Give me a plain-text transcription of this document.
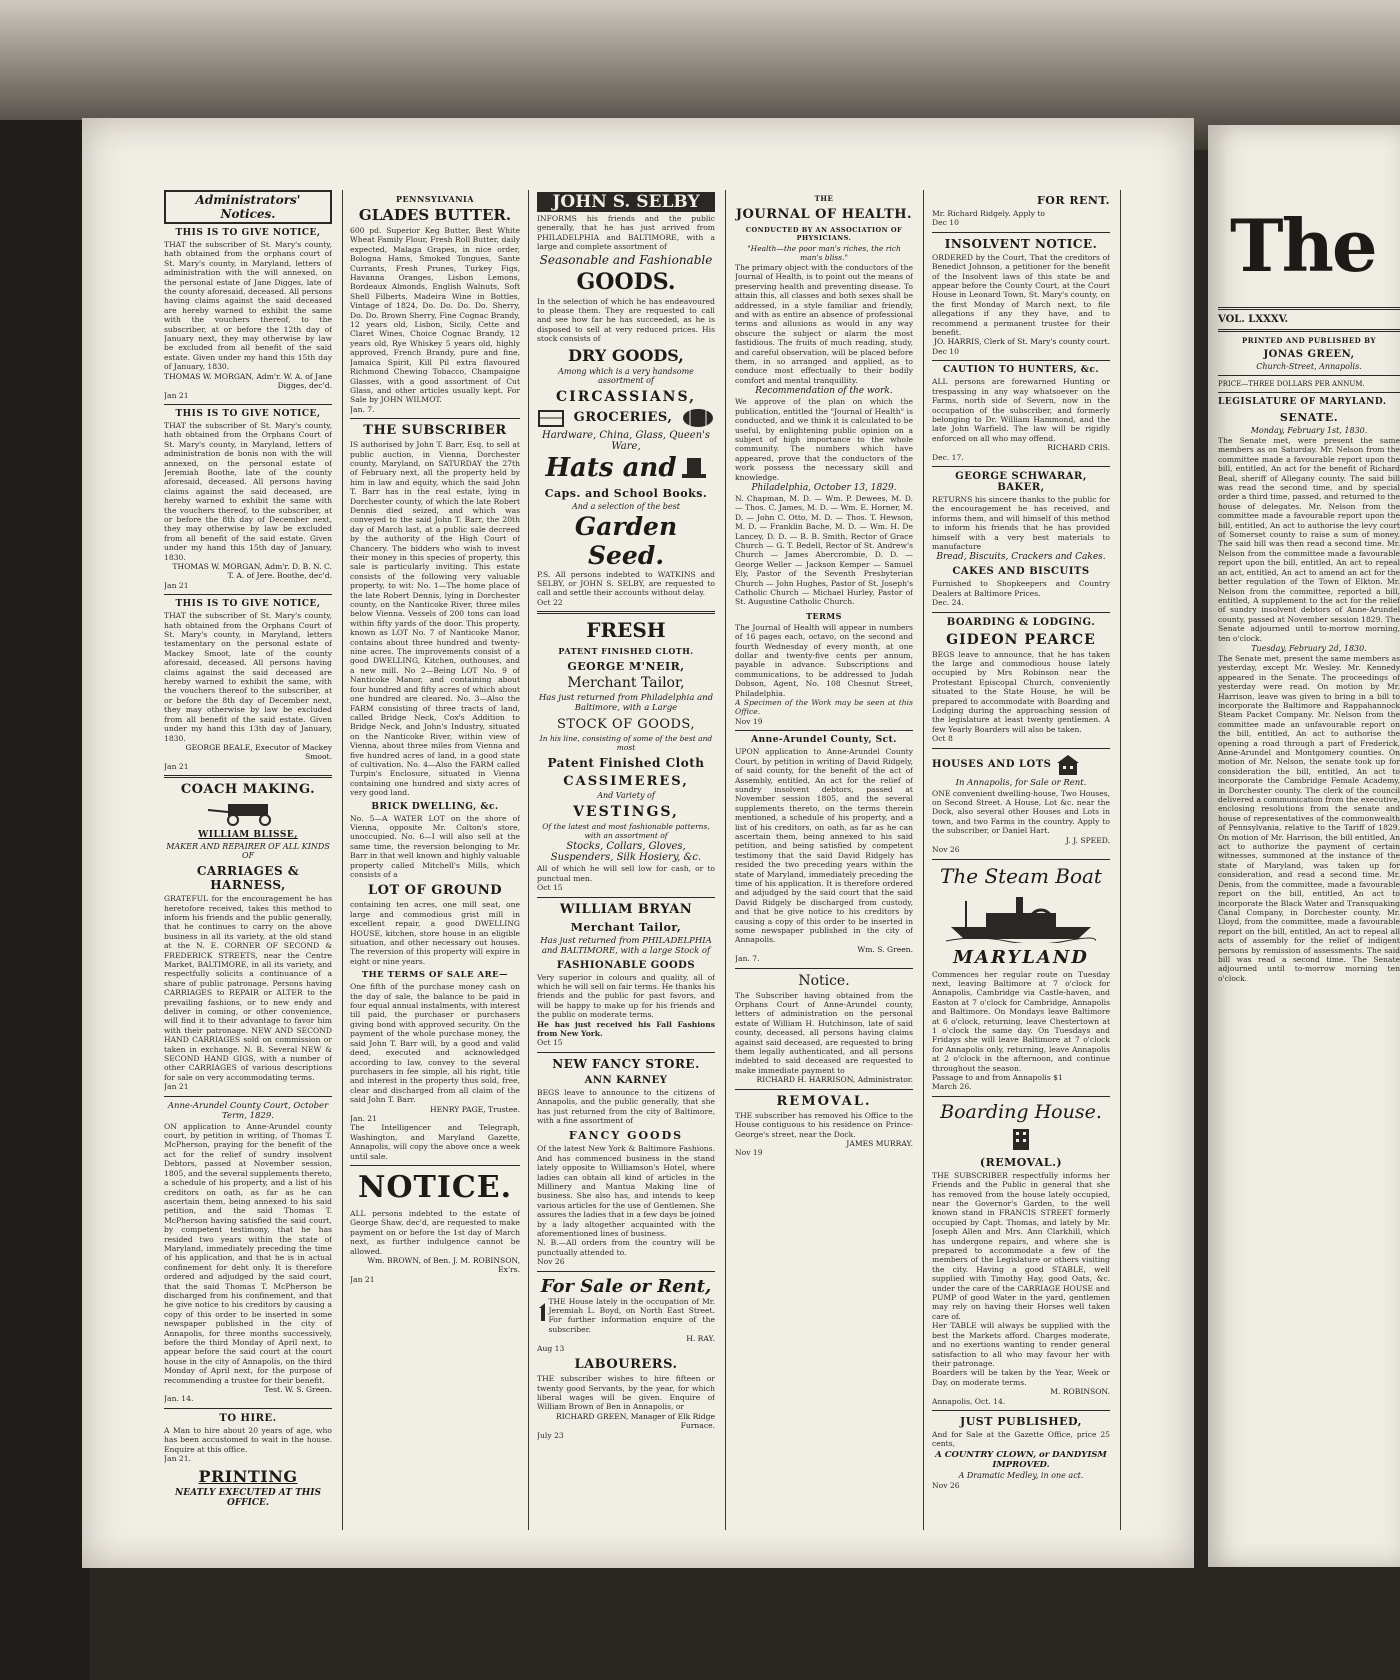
Administrators' Notices.
THIS IS TO GIVE NOTICE,

THAT the subscriber of St. Mary's county, hath obtained from the orphans court of St. Mary's county, in Maryland, letters of administration with the will annexed, on the personal estate of Jane Digges, late of the county aforesaid, deceased. All persons having claims against the said deceased are hereby warned to exhibit the same with the vouchers thereof, to the subscriber, at or before the 12th day of January next, they may otherwise by law be excluded from all benefit of the said estate. Given under my hand this 15th day of January, 1830.

THOMAS W. MORGAN, Adm'r. W. A. of Jane Digges, dec'd.

Jan 21

THIS IS TO GIVE NOTICE,

THAT the subscriber of St. Mary's county, hath obtained from the Orphans Court of St. Mary's county, in Maryland, letters of administration de bonis non with the will annexed, on the personal estate of Jeremiah Boothe, late of the county aforesaid, deceased. All persons having claims against the said deceased, are hereby warned to exhibit the same with the vouchers thereof, to the subscriber, at or before the 8th day of December next, they may otherwise by law be excluded from all benefit of the said estate. Given under my hand this 15th day of January, 1830.

THOMAS W. MORGAN, Adm'r. D. B. N. C. T. A. of Jere. Boothe, dec'd.

Jan 21

THIS IS TO GIVE NOTICE,

THAT the subscriber of St. Mary's county, hath obtained from the Orphans Court of St. Mary's county, in Maryland, letters testamentary on the personal estate of Mackey Smoot, late of the county aforesaid, deceased. All persons having claims against the said deceased are hereby warned to exhibit the same, with the vouchers thereof to the subscriber, at or before the 8th day of December next, they may otherwise by law be excluded from all benefit of the said estate. Given under my hand this 13th day of January, 1830.

GEORGE BEALE, Executor of Mackey Smoot.

Jan 21

COACH MAKING.
WILLIAM BLISSE,
MAKER AND REPAIRER OF ALL KINDS OF
CARRIAGES & HARNESS,

GRATEFUL for the encouragement he has heretofore received, takes this method to inform his friends and the public generally, that he continues to carry on the above business in all its variety, at the old stand at the N. E. CORNER OF SECOND & FREDERICK STREETS, near the Centre Market, BALTIMORE, in all its variety, and respectfully solicits a continuance of a share of public patronage. Persons having CARRIAGES to REPAIR or ALTER to the prevailing fashions, or to new endy and deliver in coming, or other convenience, will find it to their advantage to favor him with their patronage. NEW AND SECOND HAND CARRIAGES sold on commission or taken in exchange. N. B. Several NEW & SECOND HAND GIGS, with a number of other CARRIAGES of various descriptions for sale on very accommodating terms.

Jan 21

Anne-Arundel County Court, October Term, 1829.

ON application to Anne-Arundel county court, by petition in writing, of Thomas T. McPherson, praying for the benefit of the act for the relief of sundry insolvent Debtors, passed at November session, 1805, and the several supplements thereto, a schedule of his property, and a list of his creditors on oath, as far as he can ascertain them, being annexed to his said petition, and the said Thomas T. McPherson having satisfied the said court, by competent testimony, that he has resided two years within the state of Maryland, immediately preceding the time of his application, and that he is in actual confinement for debt only. It is therefore ordered and adjudged by the said court, that the said Thomas T. McPherson be discharged from his confinement, and that he give notice to his creditors by causing a copy of this order to be inserted in some newspaper published in the city of Annapolis, for three months successively, before the third Monday of April next, to appear before the said court at the court house in the city of Annapolis, on the third Monday of April next, for the purpose of recommending a trustee for their benefit.

Test. W. S. Green.

Jan. 14.

TO HIRE.

A Man to hire about 20 years of age, who has been accustomed to wait in the house. Enquire at this office.

Jan 21.

PRINTING
NEATLY EXECUTED AT THIS OFFICE.
PENNSYLVANIA
GLADES BUTTER.

600 pd. Superior Keg Butter, Best White Wheat Family Flour, Fresh Roll Butter, daily expected, Malaga Grapes, in nice order, Bologna Hams, Smoked Tongues, Sante Currants, Fresh Prunes, Turkey Figs, Havanna Oranges, Lisbon Lemons, Bordeaux Almonds, English Walnuts, Soft Shell Filberts, Madeira Wine in Bottles, Vintage of 1824, Do. Do. Do. Do. Sherry, Do. Do. Brown Sherry, Fine Cognac Brandy, 12 years old, Lisbon, Sicily, Cette and Claret Wines, Choice Cognac Brandy, 12 years old, Rye Whiskey 5 years old, highly approved, French Brandy, pure and fine, Jamaica Spirit, Kill Pil extra flavoured Richmond Chewing Tobacco, Champaigne Glasses, with a good assortment of Cut Glass, and other articles usually kept. For Sale by JOHN WILMOT.

Jan. 7.

THE SUBSCRIBER

IS authorised by John T. Barr, Esq. to sell at public auction, in Vienna, Dorchester county, Maryland, on SATURDAY the 27th of February next, all the property held by him in law and equity, which the said John T. Barr has in the real estate, lying in Dorchester county, of which the late Robert Dennis died seized, and which was conveyed to the said John T. Barr, the 20th day of March last, at a public sale decreed by the authority of the High Court of Chancery. The bidders who wish to invest their money in this species of property, this sale is particularly inviting. This estate consists of the following very valuable property, to wit: No. 1—The home place of the late Robert Dennis, lying in Dorchester county, on the Nanticoke River, three miles below Vienna. Vessels of 200 tons can load within fifty yards of the door. This property, known as LOT No. 7 of Nanticoke Manor, contains about three hundred and twenty-nine acres. The improvements consist of a good DWELLING, Kitchen, outhouses, and a new mill. No 2—Being LOT No. 9 of Nanticoke Manor, and containing about four hundred and fifty acres of which about one hundred are cleared. No. 3—Also the FARM consisting of three tracts of land, called Bridge Neck, Cox's Addition to Bridge Neck, and John's Industry, situated on the Nanticoke River, within view of Vienna, about three miles from Vienna and five hundred acres of land, in a good state of cultivation. No. 4—Also the FARM called Turpin's Enclosure, situated in Vienna containing one hundred and sixty acres of very good land.

BRICK DWELLING, &c.

No. 5—A WATER LOT on the shore of Vienna, opposite Mr. Colton's store, unoccupied. No. 6—I will also sell at the same time, the reversion belonging to Mr. Barr in that well known and highly valuable property called Mitchell's Mills, which consists of a

LOT OF GROUND

containing ten acres, one mill seat, one large and commodious grist mill in excellent repair, a good DWELLING HOUSE, kitchen, store house in an eligible situation, and other necessary out houses. The reversion of this property will expire in eight or nine years.

THE TERMS OF SALE ARE—

One fifth of the purchase money cash on the day of sale, the balance to be paid in four equal annual instalments, with interest till paid, the purchaser or purchasers giving bond with approved security. On the payment of the whole purchase money, the said John T. Barr will, by a good and valid deed, executed and acknowledged according to law, convey to the several purchasers in fee simple, all his right, title and interest in the property thus sold, free, clear and discharged from all claim of the said John T. Barr.

HENRY PAGE, Trustee.

Jan. 21

The Intelligencer and Telegraph, Washington, and Maryland Gazette, Annapolis, will copy the above once a week until sale.

NOTICE.

ALL persons indebted to the estate of George Shaw, dec'd, are requested to make payment on or before the 1st day of March next, as further indulgence cannot be allowed.

Wm. BROWN, of Ben. J. M. ROBINSON, Ex'rs.

Jan 21

JOHN S. SELBY

INFORMS his friends and the public generally, that he has just arrived from PHILADELPHIA and BALTIMORE, with a large and complete assortment of

Seasonable and Fashionable
GOODS.

In the selection of which he has endeavoured to please them. They are requested to call and see how far he has succeeded, as he is disposed to sell at very reduced prices. His stock consists of

DRY GOODS,
Among which is a very handsome assortment of
CIRCASSIANS,
GROCERIES,
Hardware, China, Glass, Queen's Ware,
Hats and
Caps. and School Books.
And a selection of the best
Garden Seed.

P.S. All persons indebted to WATKINS and SELBY, or JOHN S. SELBY, are requested to call and settle their accounts without delay.

Oct 22

FRESH
PATENT FINISHED CLOTH.
GEORGE M'NEIR,
Merchant Tailor,
Has just returned from Philadelphia and Baltimore, with a Large
STOCK OF GOODS,
In his line, consisting of some of the best and most
Patent Finished Cloth
CASSIMERES,
And Variety of
VESTINGS,
Of the latest and most fashionable patterns, with an assortment of
Stocks, Collars, Gloves, Suspenders, Silk Hosiery, &c.

All of which he will sell low for cash, or to punctual men.

Oct 15

WILLIAM BRYAN
Merchant Tailor,
Has just returned from PHILADELPHIA and BALTIMORE, with a large Stock of
FASHIONABLE GOODS

Very superior in colours and quality, all of which he will sell on fair terms. He thanks his friends and the public for past favors, and will be happy to make up for his friends and the public on moderate terms.

He has just received his Fall Fashions from New York.

Oct 15

NEW FANCY STORE.
ANN KARNEY

BEGS leave to announce to the citizens of Annapolis, and the public generally, that she has just returned from the city of Baltimore, with a fine assortment of

FANCY GOODS

Of the latest New York & Baltimore Fashions. And has commenced business in the stand lately opposite to Williamson's Hotel, where ladies can obtain all kind of articles in the Millinery and Mantua Making line of business. She also has, and intends to keep various articles for the use of Gentlemen. She assures the ladies that in a few days be joined by a lady altogether acquainted with the aforementioned lines of business.

N. B.—All orders from the country will be punctually attended to.

Nov 26

For Sale or Rent,

THE House lately in the occupation of Mr. Jeremiah L. Boyd, on North East Street. For further information enquire of the subscriber.

H. RAY.

Aug 13

LABOURERS.

THE subscriber wishes to hire fifteen or twenty good Servants, by the year, for which liberal wages will be given. Enquire of William Brown of Ben in Annapolis, or

RICHARD GREEN, Manager of Elk Ridge Furnace.

July 23

THE
JOURNAL OF HEALTH.
CONDUCTED BY AN ASSOCIATION OF PHYSICIANS.
"Health—the poor man's riches, the rich man's bliss."

The primary object with the conductors of the Journal of Health, is to point out the means of preserving health and preventing disease. To attain this, all classes and both sexes shall be addressed, in a style familiar and friendly, and with as entire an absence of professional terms and allusions as would in any way obscure the subject or alarm the most fastidious. The fruits of much reading, study, and careful observation, will be placed before them, in so arranged and applied, as to conduce most effectually to their bodily comfort and mental tranquillity.

Recommendation of the work.

We approve of the plan on which the publication, entitled the "Journal of Health" is conducted, and we think it is calculated to be useful, by enlightening public opinion on a subject of high importance to the whole community. The numbers which have appeared, prove that the conductors of the work possess the necessary skill and knowledge.

Philadelphia, October 13, 1829.

N. Chapman, M. D. — Wm. P. Dewees, M. D. — Thos. C. James, M. D. — Wm. E. Horner, M. D. — John C. Otto, M. D. — Thos. T. Hewson, M. D. — Franklin Bache, M. D. — Wm. H. De Lancey, D. D. — B. B. Smith, Rector of Grace Church — G. T. Bedell, Rector of St. Andrew's Church — James Abercrombie, D. D. — George Weller — Jackson Kemper — Samuel Ely, Pastor of the Seventh Presbyterian Church — John Hughes, Pastor of St. Joseph's Catholic Church — Michael Hurley, Pastor of St. Augustine Catholic Church.

TERMS

The Journal of Health will appear in numbers of 16 pages each, octavo, on the second and fourth Wednesday of every month, at one dollar and twenty-five cents per annum, payable in advance. Subscriptions and communications, to be addressed to Judah Dobson, Agent, No. 108 Chesnut Street, Philadelphia.

A Specimen of the Work may be seen at this Office.

Nov 19

Anne-Arundel County, Sct.

UPON application to Anne-Arundel County Court, by petition in writing of David Ridgely, of said county, for the benefit of the act of Assembly, entitled, An act for the relief of sundry insolvent debtors, passed at November session 1805, and the several supplements thereto, on the terms therein mentioned, a schedule of his property, and a list of his creditors, on oath, as far as he can ascertain them, being annexed to his said petition, and being satisfied by competent testimony that the said David Ridgely has resided the two preceding years within the state of Maryland, immediately preceding the time of his application. It is therefore ordered and adjudged by the said court that the said David Ridgely be discharged from custody, and that he give notice to his creditors by causing a copy of this order to be inserted in some newspaper published in the city of Annapolis.

Wm. S. Green.

Jan. 7.

Notice.

The Subscriber having obtained from the Orphans Court of Anne-Arundel county, letters of administration on the personal estate of William H. Hutchinson, late of said county, deceased, all persons having claims against said deceased, are requested to bring them legally authenticated, and all persons indebted to said deceased are requested to make immediate payment to

RICHARD H. HARRISON, Administrator.

REMOVAL.

THE subscriber has removed his Office to the House contiguous to his residence on Prince-George's street, near the Dock.

JAMES MURRAY.

Nov 19

FOR RENT.

Mr. Richard Ridgely. Apply to

Dec 10

INSOLVENT NOTICE.

ORDERED by the Court, That the creditors of Benedict Johnson, a petitioner for the benefit of the Insolvent laws of this state be and appear before the County Court, at the Court House in Leonard Town, St. Mary's county, on the first Monday of March next, to file allegations if any they have, and to recommend a permanent trustee for their benefit.

JO. HARRIS, Clerk of St. Mary's county court.

Dec 10

CAUTION TO HUNTERS, &c.

ALL persons are forewarned Hunting or trespassing in any way whatsoever on the Farms, north side of Severn, now in the occupation of the subscriber, and formerly belonging to Dr. William Hammond, and the late John Warfield. The law will be rigidly enforced on all who may offend.

RICHARD CRIS.

Dec. 17.

GEORGE SCHWARAR, BAKER,

RETURNS his sincere thanks to the public for the encouragement he has received, and informs them, and will himself of this method to inform his friends that he has provided himself with a very best materials to manufacture

Bread, Biscuits, Crackers and Cakes.
CAKES AND BISCUITS

Furnished to Shopkeepers and Country Dealers at Baltimore Prices.

Dec. 24.

BOARDING & LODGING.
GIDEON PEARCE

BEGS leave to announce, that he has taken the large and commodious house lately occupied by Mrs Robinson near the Protestant Episcopal Church, conveniently situated to the State House, he will be prepared to accommodate with Boarding and Lodging during the approaching session of the legislature at least twenty gentlemen. A few Yearly Boarders will also be taken.

Oct 8

HOUSES AND LOTS
In Annapolis, for Sale or Rent.

ONE convenient dwelling-house, Two Houses, on Second Street. A House, Lot &c. near the Dock, also several other Houses and Lots in town, and two Farms in the country. Apply to the subscriber, or Daniel Hart.

J. J. SPEED.

Nov 26

The Steam Boat
MARYLAND

Commences her regular route on Tuesday next, leaving Baltimore at 7 o'clock for Annapolis, Cambridge via Castle-haven, and Easton at 7 o'clock for Cambridge, Annapolis and Baltimore. On Mondays leave Baltimore at 6 o'clock, returning, leave Chestertown at 1 o'clock the same day. On Tuesdays and Fridays she will leave Baltimore at 7 o'clock for Annapolis only, returning, leave Annapolis at 2 o'clock in the afternoon, and continue throughout the season.

Passage to and from Annapolis $1

March 26.

Boarding House.
(REMOVAL.)

THE SUBSCRIBER respectfully informs her Friends and the Public in general that she has removed from the house lately occupied, near the Governor's Garden, to the well known stand in FRANCIS STREET formerly occupied by Capt. Thomas, and lately by Mr. Joseph Allen and Mrs. Ann Clarkhill, which has undergone repairs, and where she is prepared to accommodate a few of the members of the Legislature or others visiting the city. Having a good STABLE, well supplied with Timothy Hay, good Oats, &c. under the care of the CARRIAGE HOUSE and PUMP of good Water in the yard, gentlemen may rely on having their Horses well taken care of.

Her TABLE will always be supplied with the best the Markets afford. Charges moderate, and no exertions wanting to render general satisfaction to all who may favour her with their patronage.

Boarders will be taken by the Year, Week or Day, on moderate terms.

M. ROBINSON.

Annapolis, Oct. 14.

JUST PUBLISHED,

And for Sale at the Gazette Office, price 25 cents,

A COUNTRY CLOWN, or DANDYISM IMPROVED.
A Dramatic Medley, in one act.

Nov 26

The
VOL. LXXXV.
PRINTED AND PUBLISHED BY
JONAS GREEN,
Church-Street, Annapolis.
PRICE—THREE DOLLARS PER ANNUM.
LEGISLATURE OF MARYLAND.
SENATE.
Monday, February 1st, 1830.

The Senate met, were present the same members as on Saturday. Mr. Nelson from the committee made a favourable report upon the bill, entitled, An act for the benefit of Richard Beal, sheriff of Allegany county. The said bill was read the second time, and by special order a third time, passed, and returned to the house of delegates. Mr. Nelson from the committee made a favourable report upon the bill, entitled, An act to authorise the levy court of Somerset county to raise a sum of money. The said bill was then read a second time. Mr. Nelson from the committee made a favourable report upon the bill, entitled, An act to repeal an act, entitled, An act to amend an act for the better regulation of the Town of Elkton. Mr. Nelson from the committee, reported a bill, entitled, A supplement to the act for the relief of sundry insolvent debtors of Anne-Arundel county, passed at November session 1829. The Senate adjourned until to-morrow morning, ten o'clock.

Tuesday, February 2d, 1830.

The Senate met, present the same members as yesterday, except Mr. Wesley. Mr. Kennedy appeared in the Senate. The proceedings of yesterday were read. On motion by Mr. Harrison, leave was given to bring in a bill to incorporate the Baltimore and Rappahannock Steam Packet Company. Mr. Nelson from the committee made an unfavourable report on the bill, entitled, An act to authorise the opening a road through a part of Frederick, Anne-Arundel and Montgomery counties. On motion of Mr. Nelson, the senate took up for consideration the bill, entitled, An act to incorporate the Cambridge Female Academy, in Dorchester county. The clerk of the council delivered a communication from the executive, enclosing resolutions from the senate and house of representatives of the commonwealth of Pennsylvania, relative to the Tariff of 1829. On motion of Mr. Harrison, the bill entitled, An act to authorize the payment of certain witnesses, summoned at the instance of the state of Maryland, was taken up for consideration, and read a second time. Mr. Denis, from the committee, made a favourable report on the bill, entitled, An act to incorporate the Black Water and Transquaking Canal Company, in Dorchester county. Mr. Lloyd, from the committee, made a favourable report on the bill, entitled, An act to repeal all acts of assembly for the relief of indigent persons by remission of assessments. The said bill was read a second time. The Senate adjourned until to-morrow morning ten o'clock.
